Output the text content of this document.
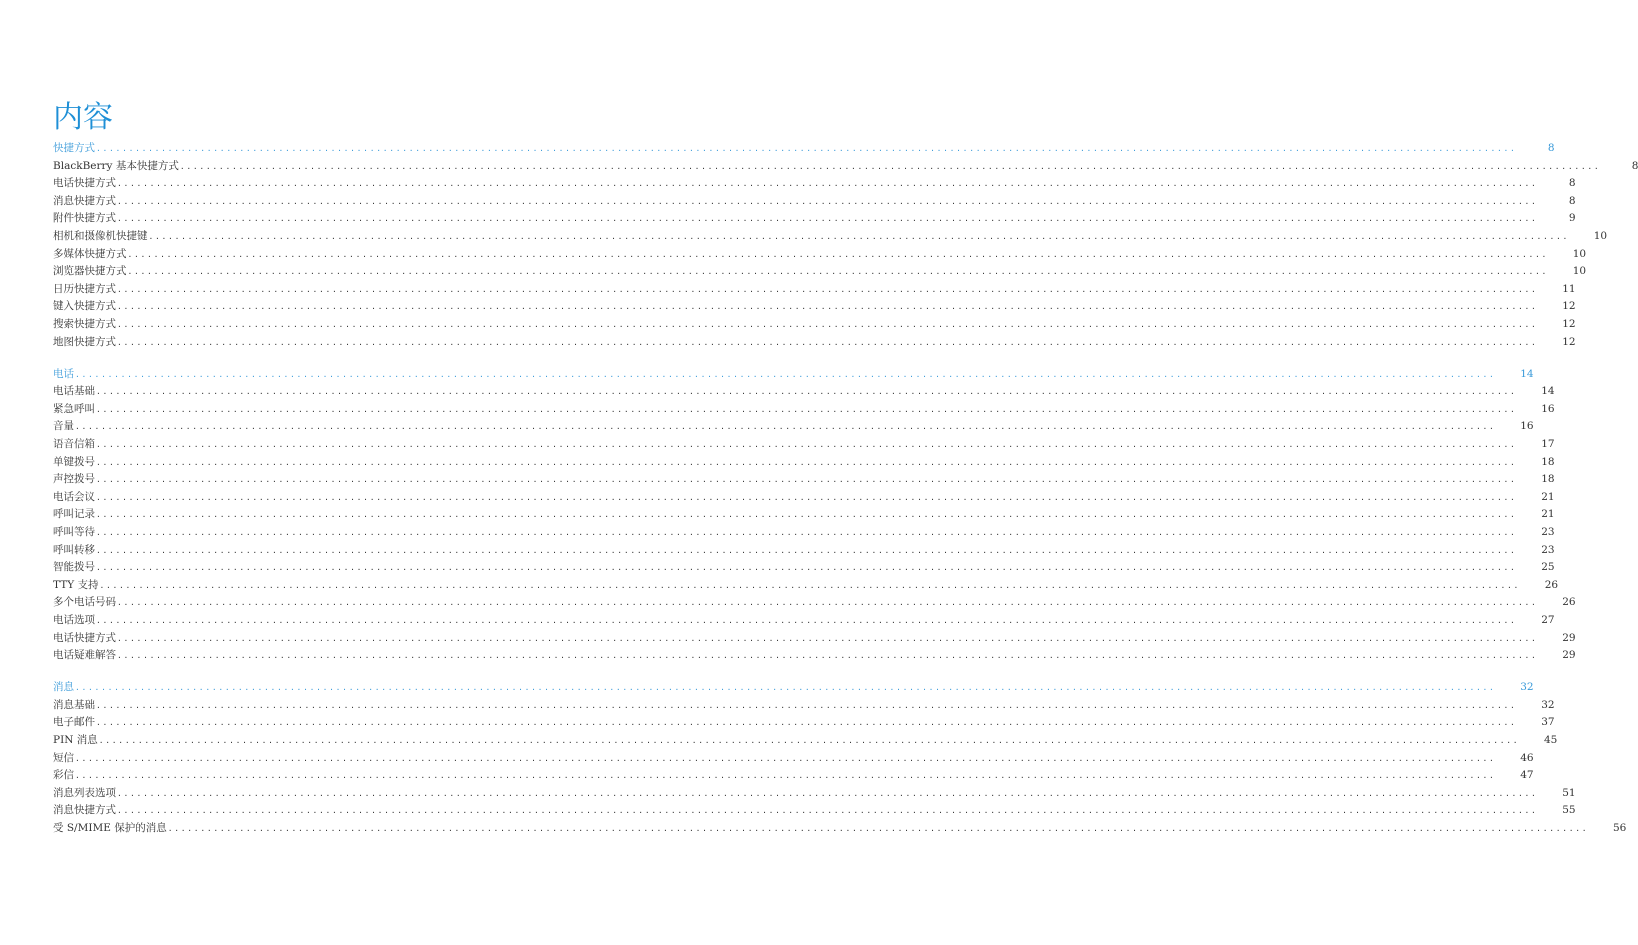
内容
快捷方式 ..........................................................................................................................................................................................................................	8
BlackBerry 基本快捷方式 ..........................................................................................................................................................................................................................	8
电话快捷方式 ..........................................................................................................................................................................................................................	8
消息快捷方式 ..........................................................................................................................................................................................................................	8
附件快捷方式 ..........................................................................................................................................................................................................................	9
相机和摄像机快捷键 .......................................................................................................................................................................................................................... 10
多媒体快捷方式 .......................................................................................................................................................................................................................... 10
浏览器快捷方式 .......................................................................................................................................................................................................................... 10
日历快捷方式 .......................................................................................................................................................................................................................... 11
键入快捷方式 .......................................................................................................................................................................................................................... 12
搜索快捷方式 .......................................................................................................................................................................................................................... 12
地图快捷方式 .......................................................................................................................................................................................................................... 12
电话 .......................................................................................................................................................................................................................... 14
电话基础 .......................................................................................................................................................................................................................... 14
紧急呼叫 .......................................................................................................................................................................................................................... 16
音量 .......................................................................................................................................................................................................................... 16
语音信箱 .......................................................................................................................................................................................................................... 17
单键拨号 .......................................................................................................................................................................................................................... 18
声控拨号 .......................................................................................................................................................................................................................... 18
电话会议 .......................................................................................................................................................................................................................... 21
呼叫记录 .......................................................................................................................................................................................................................... 21
呼叫等待 .......................................................................................................................................................................................................................... 23
呼叫转移 .......................................................................................................................................................................................................................... 23
智能拨号 .......................................................................................................................................................................................................................... 25
TTY 支持 .......................................................................................................................................................................................................................... 26
多个电话号码 .......................................................................................................................................................................................................................... 26
电话选项 .......................................................................................................................................................................................................................... 27
电话快捷方式 .......................................................................................................................................................................................................................... 29
电话疑难解答 .......................................................................................................................................................................................................................... 29
消息 .......................................................................................................................................................................................................................... 32
消息基础 .......................................................................................................................................................................................................................... 32
电子邮件 .......................................................................................................................................................................................................................... 37
PIN 消息 .......................................................................................................................................................................................................................... 45
短信 .......................................................................................................................................................................................................................... 46
彩信 .......................................................................................................................................................................................................................... 47
消息列表选项 .......................................................................................................................................................................................................................... 51
消息快捷方式 .......................................................................................................................................................................................................................... 55
受 S/MIME 保护的消息 .......................................................................................................................................................................................................................... 56
